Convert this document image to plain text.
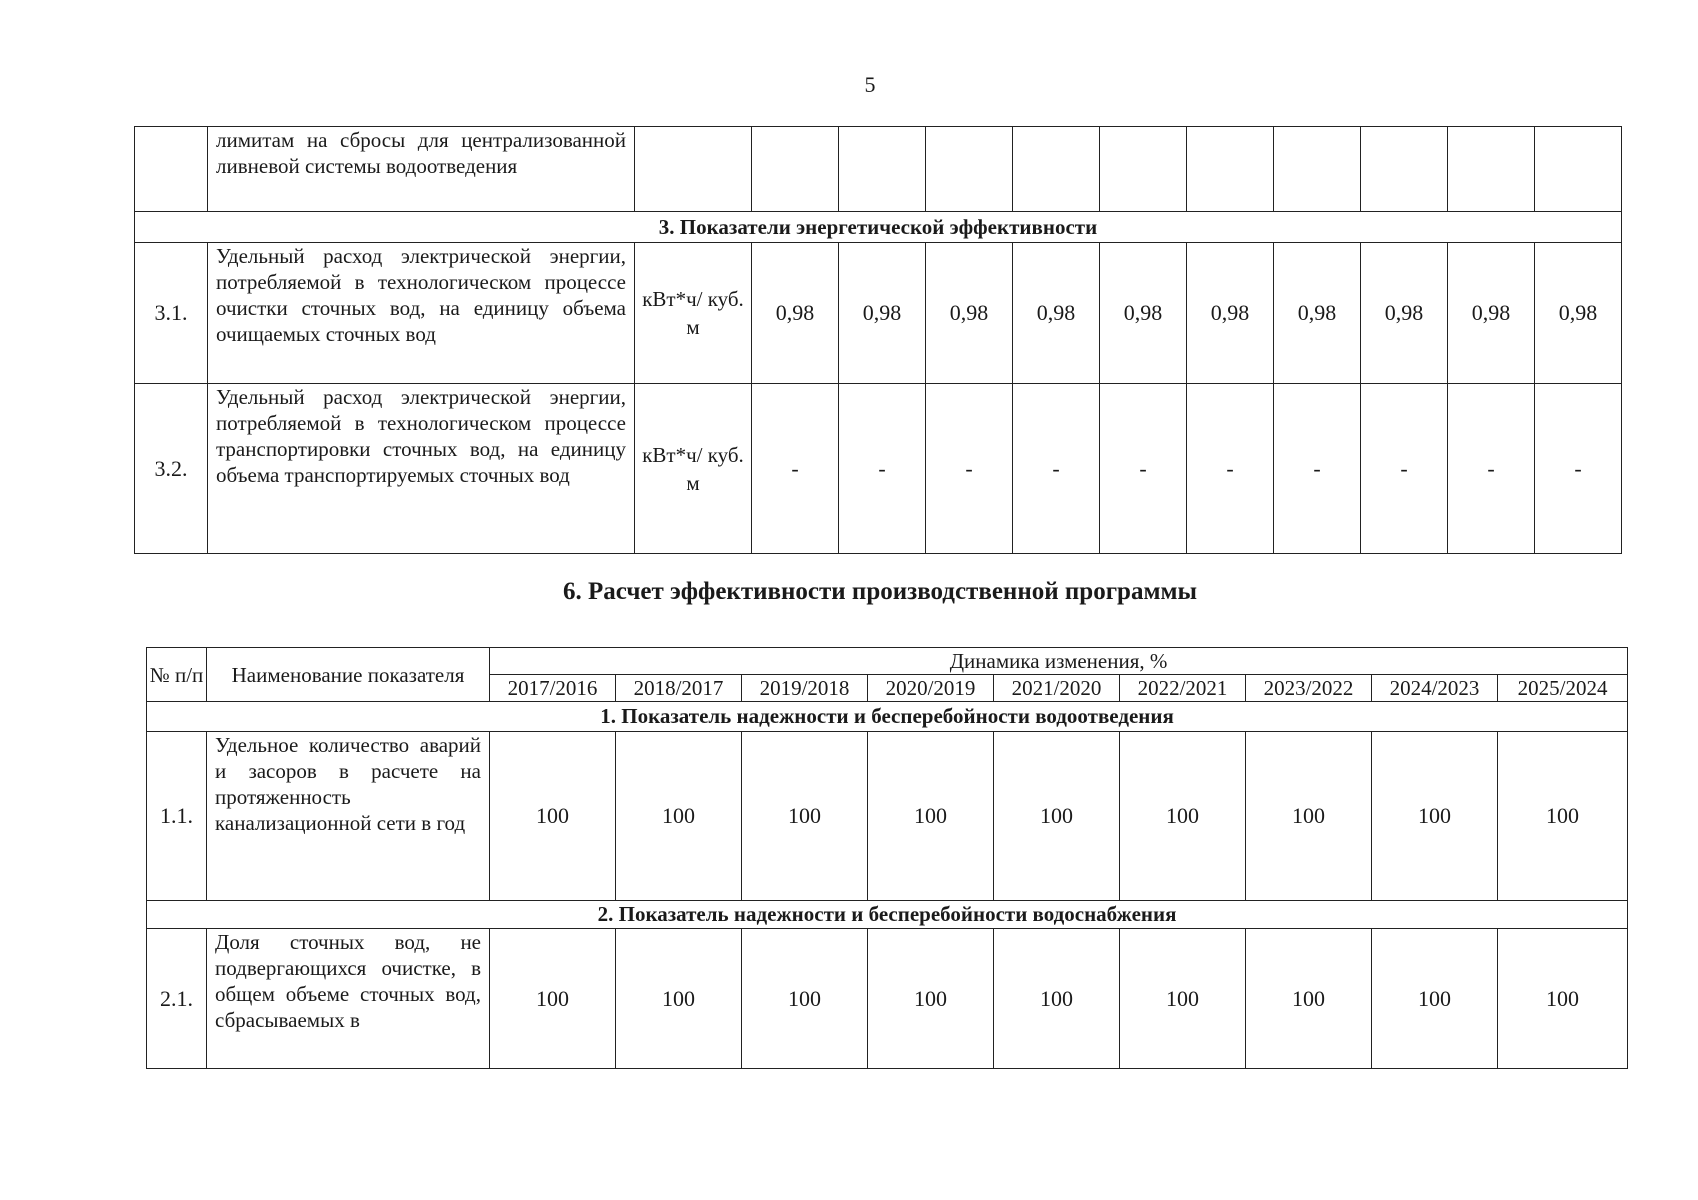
5
	лимитам на сбросы для централизованной ливневой системы водоотведения											
3. Показатели энергетической эффективности												
3.1.	Удельный расход электрической энергии, потребляемой в технологическом процессе очистки сточных вод, на единицу объема очищаемых сточных вод	кВт*ч/ куб. м	0,98	0,98	0,98	0,98	0,98	0,98	0,98	0,98	0,98	0,98
3.2.	Удельный расход электрической энергии, потребляемой в технологическом процессе транспортировки сточных вод, на единицу объема транспортируемых сточных вод	кВт*ч/ куб. м	-	-	-	-	-	-	-	-	-	-
6. Расчет эффективности производственной программы
№ п/п	Наименование показателя	Динамика изменения, %								
		2017/2016	2018/2017	2019/2018	2020/2019	2021/2020	2022/2021	2023/2022	2024/2023	2025/2024
1. Показатель надежности и бесперебойности водоотведения										
1.1.	Удельное количество аварий и засоров в расчете на протяженность канализационной сети в год	100	100	100	100	100	100	100	100	100
2. Показатель надежности и бесперебойности водоснабжения										
2.1.	Доля сточных вод, не подвергающихся очистке, в общем объеме сточных вод, сбрасываемых в	100	100	100	100	100	100	100	100	100
